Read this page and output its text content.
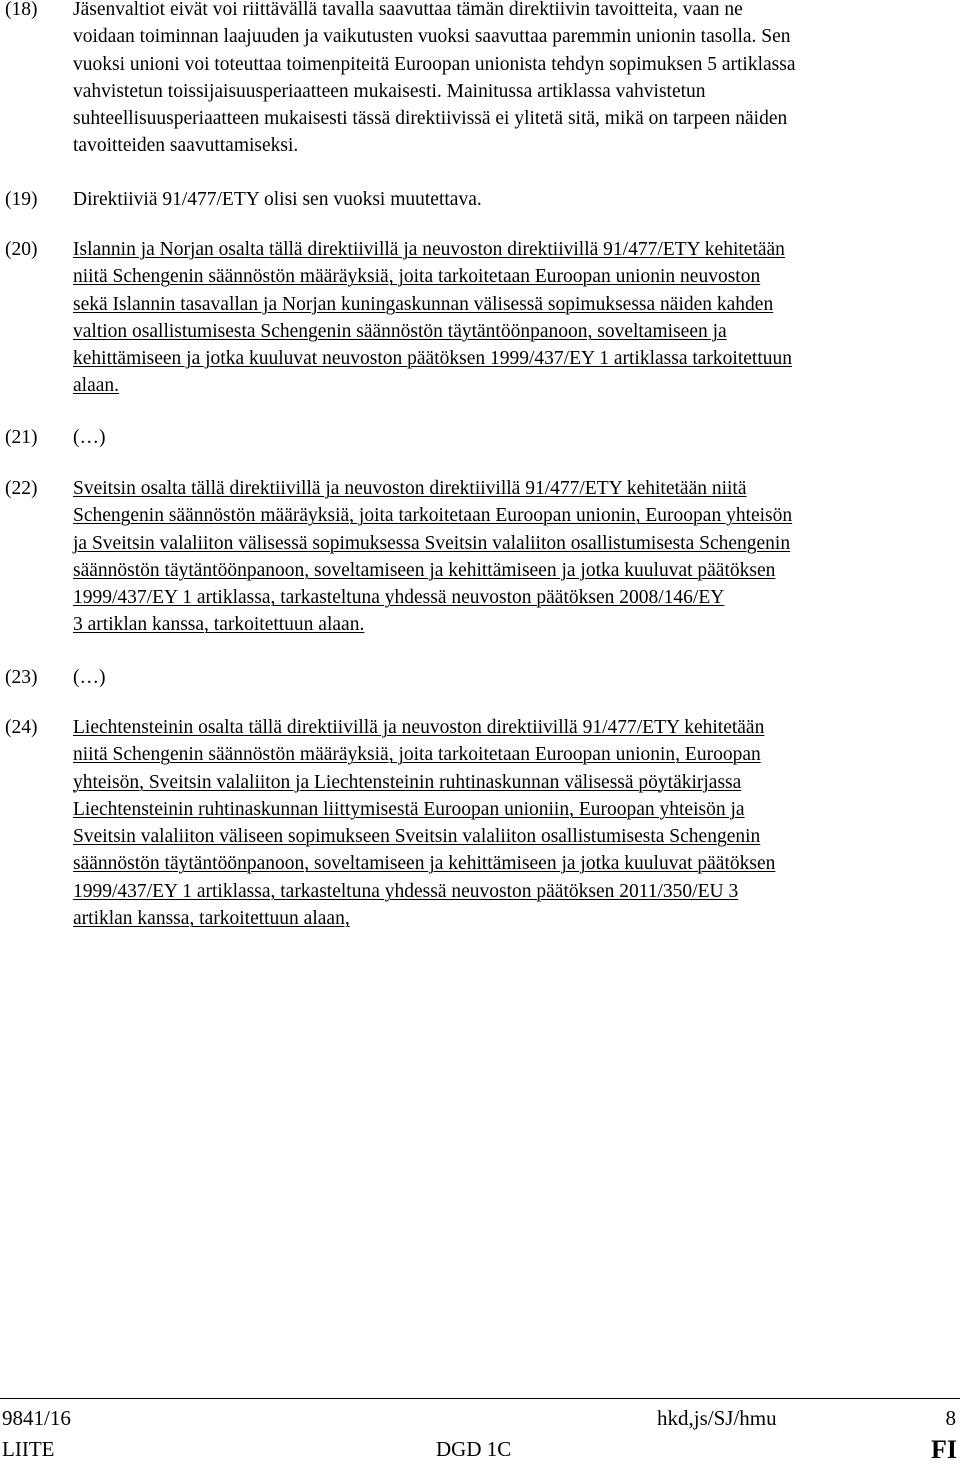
(18) Jäsenvaltiot eivät voi riittävällä tavalla saavuttaa tämän direktiivin tavoitteita, vaan ne
voidaan toiminnan laajuuden ja vaikutusten vuoksi saavuttaa paremmin unionin tasolla. Sen
vuoksi unioni voi toteuttaa toimenpiteitä Euroopan unionista tehdyn sopimuksen 5 artiklassa
vahvistetun toissijaisuusperiaatteen mukaisesti. Mainitussa artiklassa vahvistetun
suhteellisuusperiaatteen mukaisesti tässä direktiivissä ei ylitetä sitä, mikä on tarpeen näiden
tavoitteiden saavuttamiseksi.
(19) Direktiiviä 91/477/ETY olisi sen vuoksi muutettava.
(20) Islannin ja Norjan osalta tällä direktiivillä ja neuvoston direktiivillä 91/477/ETY kehitetään
niitä Schengenin säännöstön määräyksiä, joita tarkoitetaan Euroopan unionin neuvoston
sekä Islannin tasavallan ja Norjan kuningaskunnan välisessä sopimuksessa näiden kahden
valtion osallistumisesta Schengenin säännöstön täytäntöönpanoon, soveltamiseen ja
kehittämiseen ja jotka kuuluvat neuvoston päätöksen 1999/437/EY 1 artiklassa tarkoitettuun
alaan.
(21) (…)
(22) Sveitsin osalta tällä direktiivillä ja neuvoston direktiivillä 91/477/ETY kehitetään niitä
Schengenin säännöstön määräyksiä, joita tarkoitetaan Euroopan unionin, Euroopan yhteisön
ja Sveitsin valaliiton välisessä sopimuksessa Sveitsin valaliiton osallistumisesta Schengenin
säännöstön täytäntöönpanoon, soveltamiseen ja kehittämiseen ja jotka kuuluvat päätöksen
1999/437/EY 1 artiklassa, tarkasteltuna yhdessä neuvoston päätöksen 2008/146/EY
3 artiklan kanssa, tarkoitettuun alaan.
(23) (…)
(24) Liechtensteinin osalta tällä direktiivillä ja neuvoston direktiivillä 91/477/ETY kehitetään
niitä Schengenin säännöstön määräyksiä, joita tarkoitetaan Euroopan unionin, Euroopan
yhteisön, Sveitsin valaliiton ja Liechtensteinin ruhtinaskunnan välisessä pöytäkirjassa
Liechtensteinin ruhtinaskunnan liittymisestä Euroopan unioniin, Euroopan yhteisön ja
Sveitsin valaliiton väliseen sopimukseen Sveitsin valaliiton osallistumisesta Schengenin
säännöstön täytäntöönpanoon, soveltamiseen ja kehittämiseen ja jotka kuuluvat päätöksen
1999/437/EY 1 artiklassa, tarkasteltuna yhdessä neuvoston päätöksen 2011/350/EU 3
artiklan kanssa, tarkoitettuun alaan,
9841/16	hkd,js/SJ/hmu	8
LIITE	DGD 1C	FI
